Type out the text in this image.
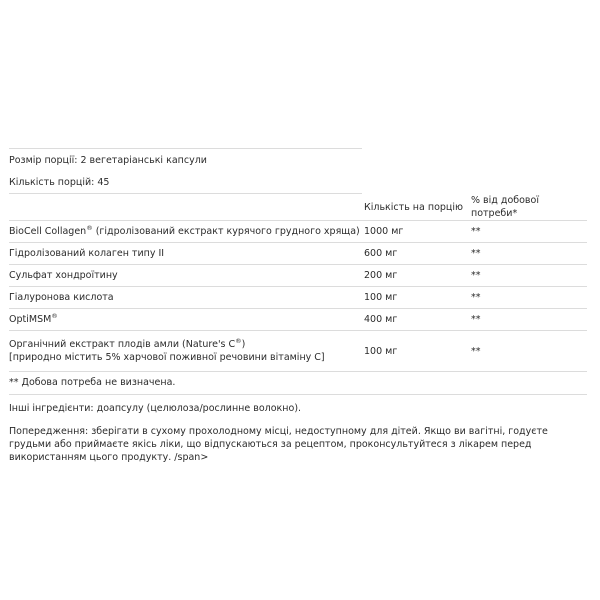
Розмір порції: 2 вегетаріанські капсули		
Кількість порцій: 45		

	Кількість на порцію	% від добової потреби*
BioCell Collagen® (гідролізований екстракт курячого грудного хряща)	1000 мг	**
Гідролізований колаген типу II	600 мг	**
Сульфат хондроїтину	200 мг	**
Гіалуронова кислота	100 мг	**
OptiMSM®	400 мг	**
Органічний екстракт плодів амли (Nature's C®)
[природно містить 5% харчової поживної речовини вітаміну C]	100 мг	**
** Добова потреба не визначена.
Інші інгредієнти: доапсулу (целюлоза/рослинне волокно).
Попередження: зберігати в сухому прохолодному місці, недоступному для дітей. Якщо ви вагітні, годуєте грудьми або приймаєте якісь ліки, що відпускаються за рецептом, проконсультуйтеся з лікарем перед використанням цього продукту. /span>
